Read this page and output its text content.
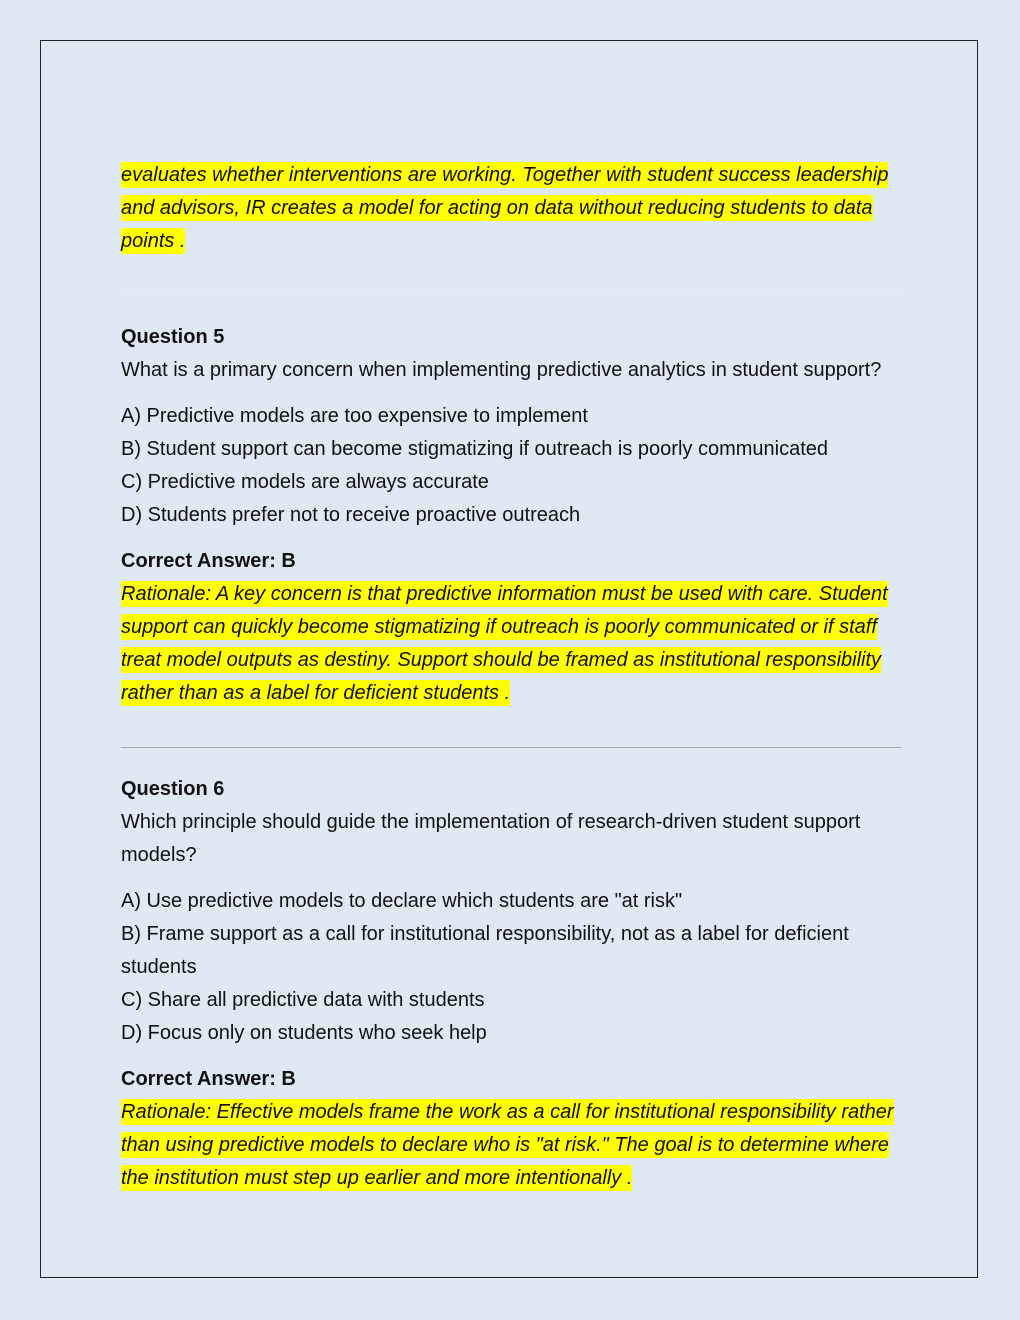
evaluates whether interventions are working. Together with student success leadership and advisors, IR creates a model for acting on data without reducing students to data points .

Question 5

What is a primary concern when implementing predictive analytics in student support?

A) Predictive models are too expensive to implement
B) Student support can become stigmatizing if outreach is poorly communicated
C) Predictive models are always accurate
D) Students prefer not to receive proactive outreach

Correct Answer: B

Rationale: A key concern is that predictive information must be used with care. Student support can quickly become stigmatizing if outreach is poorly communicated or if staff treat model outputs as destiny. Support should be framed as institutional responsibility rather than as a label for deficient students .

Question 6

Which principle should guide the implementation of research-driven student support models?

A) Use predictive models to declare which students are "at risk"
B) Frame support as a call for institutional responsibility, not as a label for deficient students
C) Share all predictive data with students
D) Focus only on students who seek help

Correct Answer: B

Rationale: Effective models frame the work as a call for institutional responsibility rather than using predictive models to declare who is "at risk." The goal is to determine where the institution must step up earlier and more intentionally .
